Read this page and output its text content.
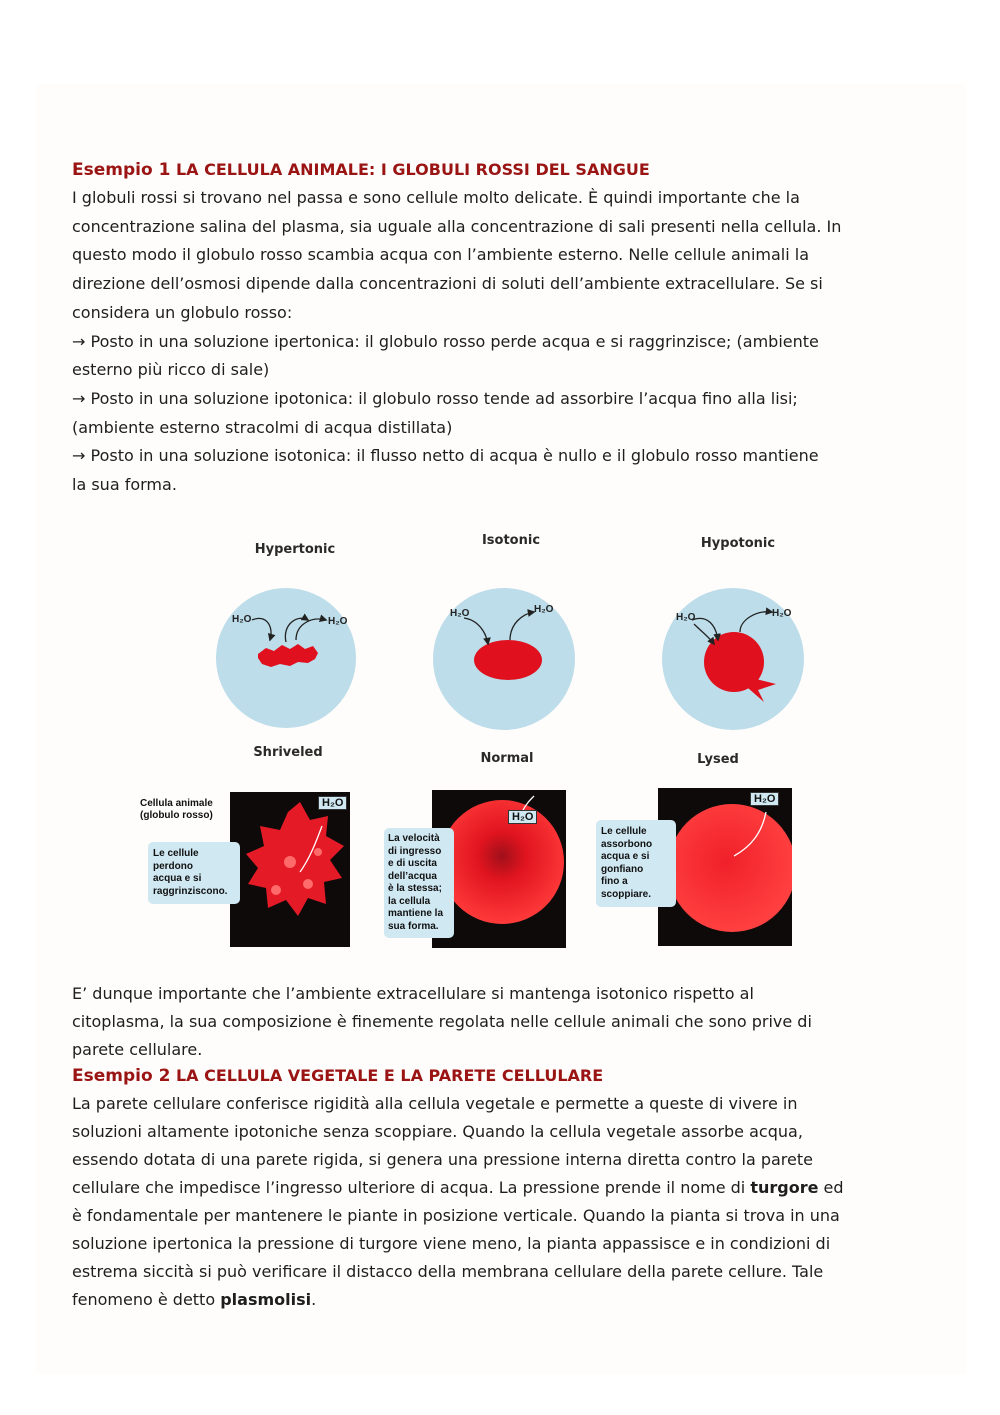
Esempio 1 LA CELLULA ANIMALE: I GLOBULI ROSSI DEL SANGUE
I globuli rossi si trovano nel passa e sono cellule molto delicate. È quindi importante che la
concentrazione salina del plasma, sia uguale alla concentrazione di sali presenti nella cellula. In
questo modo il globulo rosso scambia acqua con l’ambiente esterno. Nelle cellule animali la
direzione dell’osmosi dipende dalla concentrazioni di soluti dell’ambiente extracellulare. Se si
considera un globulo rosso:
→ Posto in una soluzione ipertonica: il globulo rosso perde acqua e si raggrinzisce; (ambiente
esterno più ricco di sale)
→ Posto in una soluzione ipotonica: il globulo rosso tende ad assorbire l’acqua fino alla lisi;
(ambiente esterno stracolmi di acqua distillata)
→ Posto in una soluzione isotonica: il flusso netto di acqua è nullo e il globulo rosso mantiene
la sua forma.
Hypertonic
Isotonic	Hypotonic
H₂O	H₂O
H₂O	H₂O
H₂O	H₂O
Shriveled	Normal	Lysed
Cellula animale
(globulo rosso)
H₂O
Le cellule
perdono
acqua e si
raggrinziscono.
H₂O
La velocità
di ingresso
e di uscita
dell’acqua
è la stessa;
la cellula
mantiene la
sua forma.
H₂O
Le cellule
assorbono
acqua e si
gonfiano
fino a
scoppiare.
E’ dunque importante che l’ambiente extracellulare si mantenga isotonico rispetto al
citoplasma, la sua composizione è finemente regolata nelle cellule animali che sono prive di
parete cellulare.
Esempio 2 LA CELLULA VEGETALE E LA PARETE CELLULARE
La parete cellulare conferisce rigidità alla cellula vegetale e permette a queste di vivere in
soluzioni altamente ipotoniche senza scoppiare. Quando la cellula vegetale assorbe acqua,
essendo dotata di una parete rigida, si genera una pressione interna diretta contro la parete
cellulare che impedisce l’ingresso ulteriore di acqua. La pressione prende il nome di turgore ed
è fondamentale per mantenere le piante in posizione verticale. Quando la pianta si trova in una
soluzione ipertonica la pressione di turgore viene meno, la pianta appassisce e in condizioni di
estrema siccità si può verificare il distacco della membrana cellulare della parete cellure. Tale
fenomeno è detto plasmolisi.
